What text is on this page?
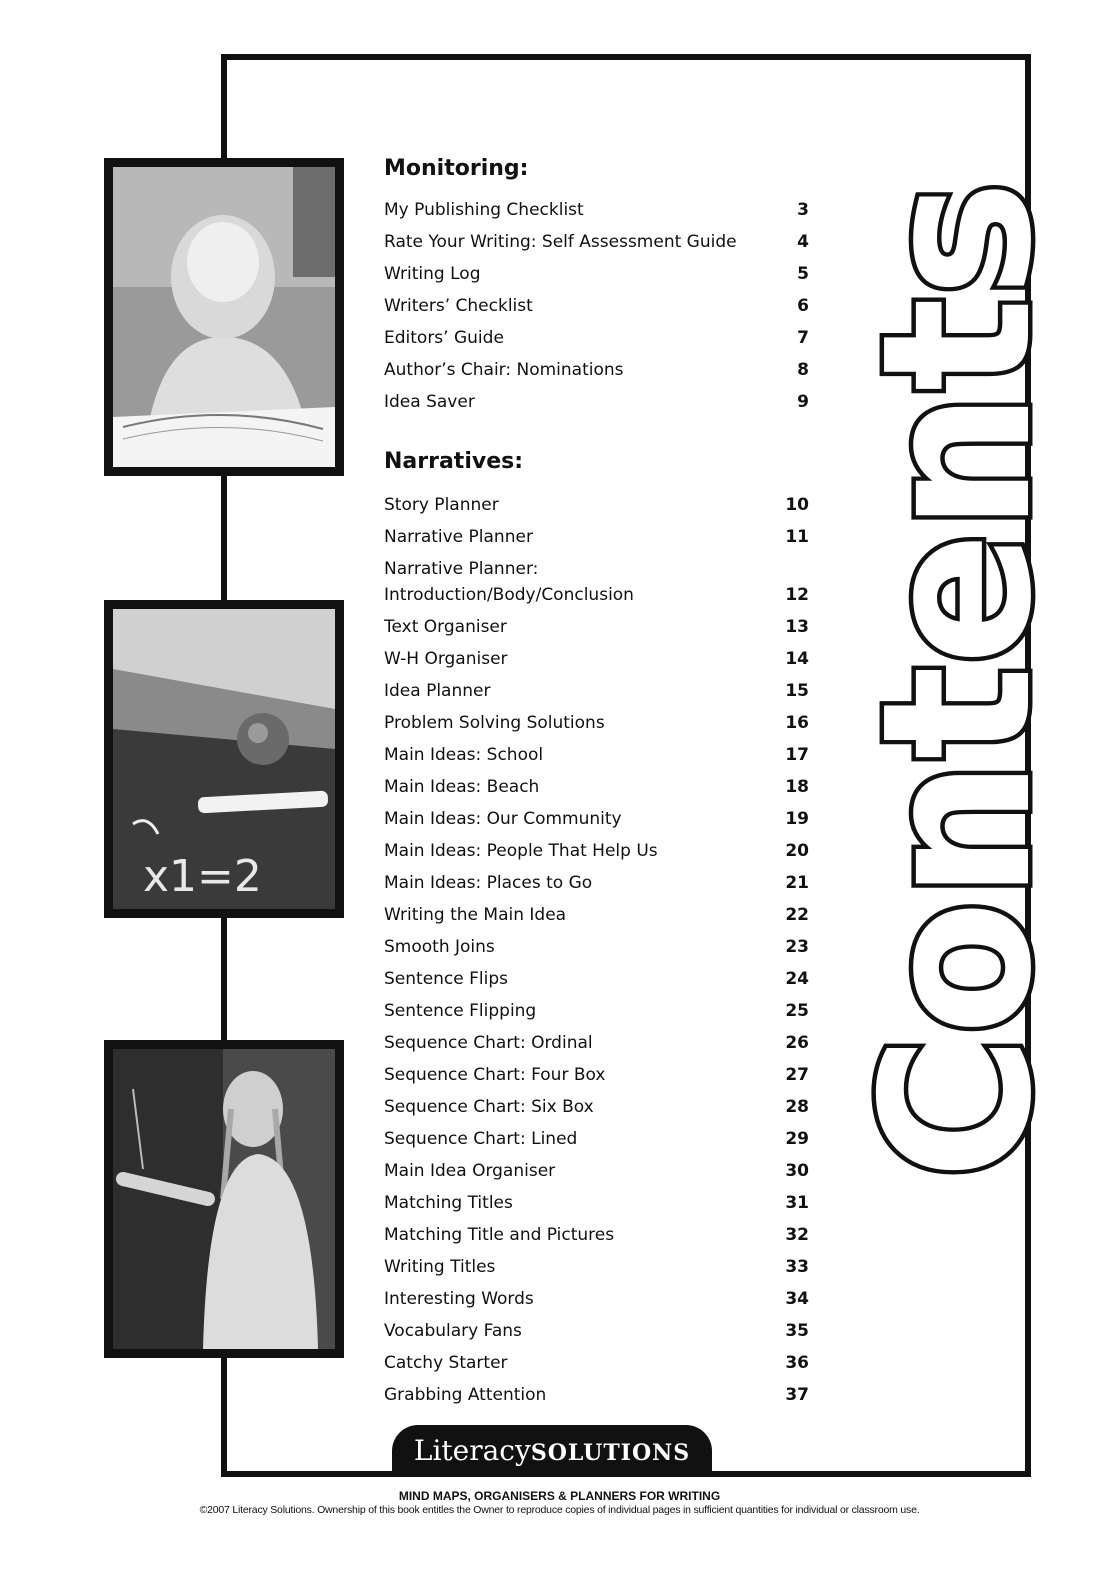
x1=2
Monitoring:
My Publishing Checklist	3
Rate Your Writing: Self Assessment Guide	4
Writing Log	5
Writers’ Checklist	6
Editors’ Guide	7
Author’s Chair: Nominations	8
Idea Saver	9
Narratives:
Story Planner	10
Narrative Planner	11
Narrative Planner: Introduction/Body/Conclusion	12
Text Organiser	13
W-H Organiser	14
Idea Planner	15
Problem Solving Solutions	16
Main Ideas: School	17
Main Ideas: Beach	18
Main Ideas: Our Community	19
Main Ideas: People That Help Us	20
Main Ideas: Places to Go	21
Writing the Main Idea	22
Smooth Joins	23
Sentence Flips	24
Sentence Flipping	25
Sequence Chart: Ordinal	26
Sequence Chart: Four Box	27
Sequence Chart: Six Box	28
Sequence Chart: Lined	29
Main Idea Organiser	30
Matching Titles	31
Matching Title and Pictures	32
Writing Titles	33
Interesting Words	34
Vocabulary Fans	35
Catchy Starter	36
Grabbing Attention	37
Contents
LiteracySOLUTIONS
MIND MAPS, ORGANISERS & PLANNERS FOR WRITING
©2007 Literacy Solutions. Ownership of this book entitles the Owner to reproduce copies of individual pages in sufficient quantities for individual or classroom use.
